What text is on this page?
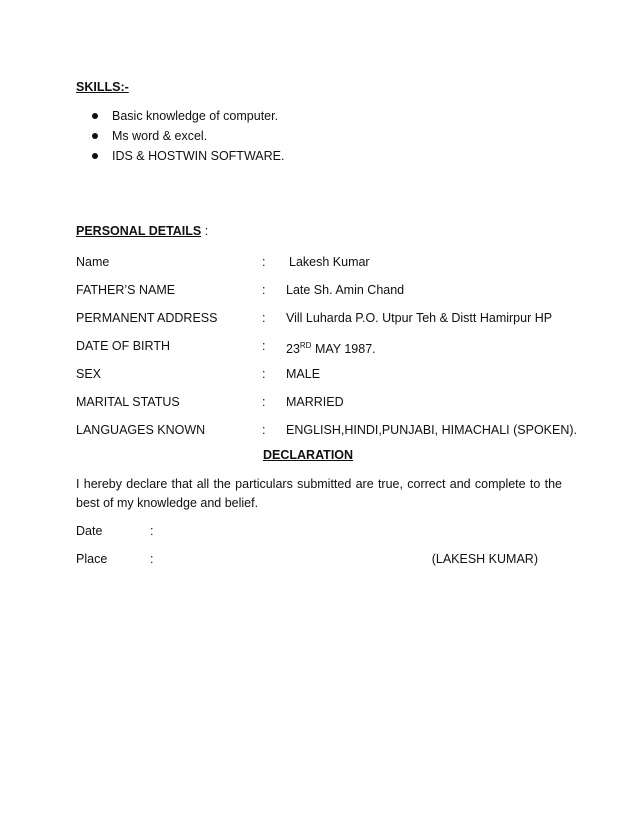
SKILLS:-
Basic knowledge of computer.
Ms word & excel.
IDS & HOSTWIN SOFTWARE.
PERSONAL DETAILS :
Name	: Lakesh Kumar
FATHER’S NAME	: Late Sh. Amin Chand
PERMANENT ADDRESS	: Vill Luharda P.O. Utpur Teh & Distt Hamirpur HP
DATE OF BIRTH	: 23RD MAY 1987.
SEX	: MALE
MARITAL STATUS	: MARRIED
LANGUAGES KNOWN	: ENGLISH,HINDI,PUNJABI, HIMACHALI (SPOKEN).
DECLARATION
I hereby declare that all the particulars submitted are true, correct and complete to the best of my knowledge and belief.
Date	:
Place	:	(LAKESH KUMAR)
